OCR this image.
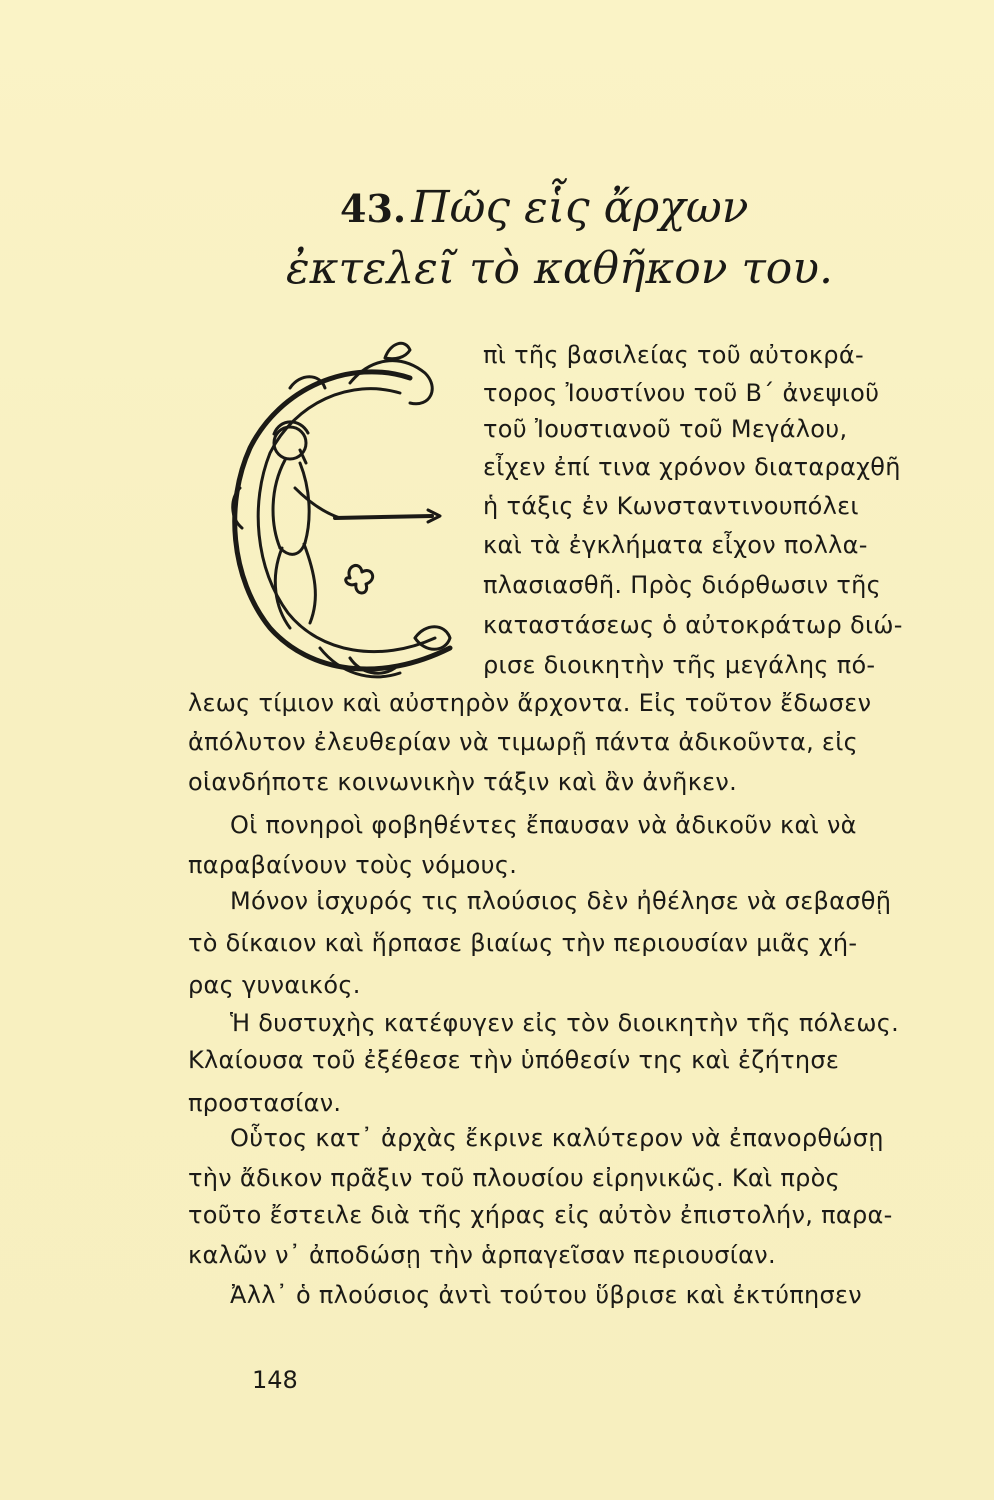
43. Πῶς εἷς ἄρχων
ἐκτελεῖ τὸ καθῆκον του.
πὶ τῆς βασιλείας τοῦ αὐτοκρά-
τορος Ἰουστίνου τοῦ Β΄ ἀνεψιοῦ
τοῦ Ἰουστιανοῦ τοῦ Μεγάλου,
εἶχεν ἐπί τινα χρόνον διαταραχθῆ
ἡ τάξις ἐν Κωνσταντινουπόλει
καὶ τὰ ἐγκλήματα εἶχον πολλα-
πλασιασθῆ. Πρὸς διόρθωσιν τῆς
καταστάσεως ὁ αὐτοκράτωρ διώ-
ρισε διοικητὴν τῆς μεγάλης πό-
λεως τίμιον καὶ αὐστηρὸν ἄρχοντα. Εἰς τοῦτον ἔδωσεν
ἀπόλυτον ἐλευθερίαν νὰ τιμωρῇ πάντα ἀδικοῦντα, εἰς
οἱανδήποτε κοινωνικὴν τάξιν καὶ ἂν ἀνῆκεν.
Οἱ πονηροὶ φοβηθέντες ἔπαυσαν νὰ ἀδικοῦν καὶ νὰ
παραβαίνουν τοὺς νόμους.
Μόνον ἰσχυρός τις πλούσιος δὲν ἠθέλησε νὰ σεβασθῇ
τὸ δίκαιον καὶ ἥρπασε βιαίως τὴν περιουσίαν μιᾶς χή-
ρας γυναικός.
Ἡ δυστυχὴς κατέφυγεν εἰς τὸν διοικητὴν τῆς πόλεως.
Κλαίουσα τοῦ ἐξέθεσε τὴν ὑπόθεσίν της καὶ ἐζήτησε
προστασίαν.
Οὗτος κατ᾽ ἀρχὰς ἔκρινε καλύτερον νὰ ἐπανορθώσῃ
τὴν ἄδικον πρᾶξιν τοῦ πλουσίου εἰρηνικῶς. Καὶ πρὸς
τοῦτο ἔστειλε διὰ τῆς χήρας εἰς αὐτὸν ἐπιστολήν, παρα-
καλῶν ν᾽ ἀποδώσῃ τὴν ἁρπαγεῖσαν περιουσίαν.
Ἀλλ᾽ ὁ πλούσιος ἀντὶ τούτου ὕβρισε καὶ ἐκτύπησεν
148
